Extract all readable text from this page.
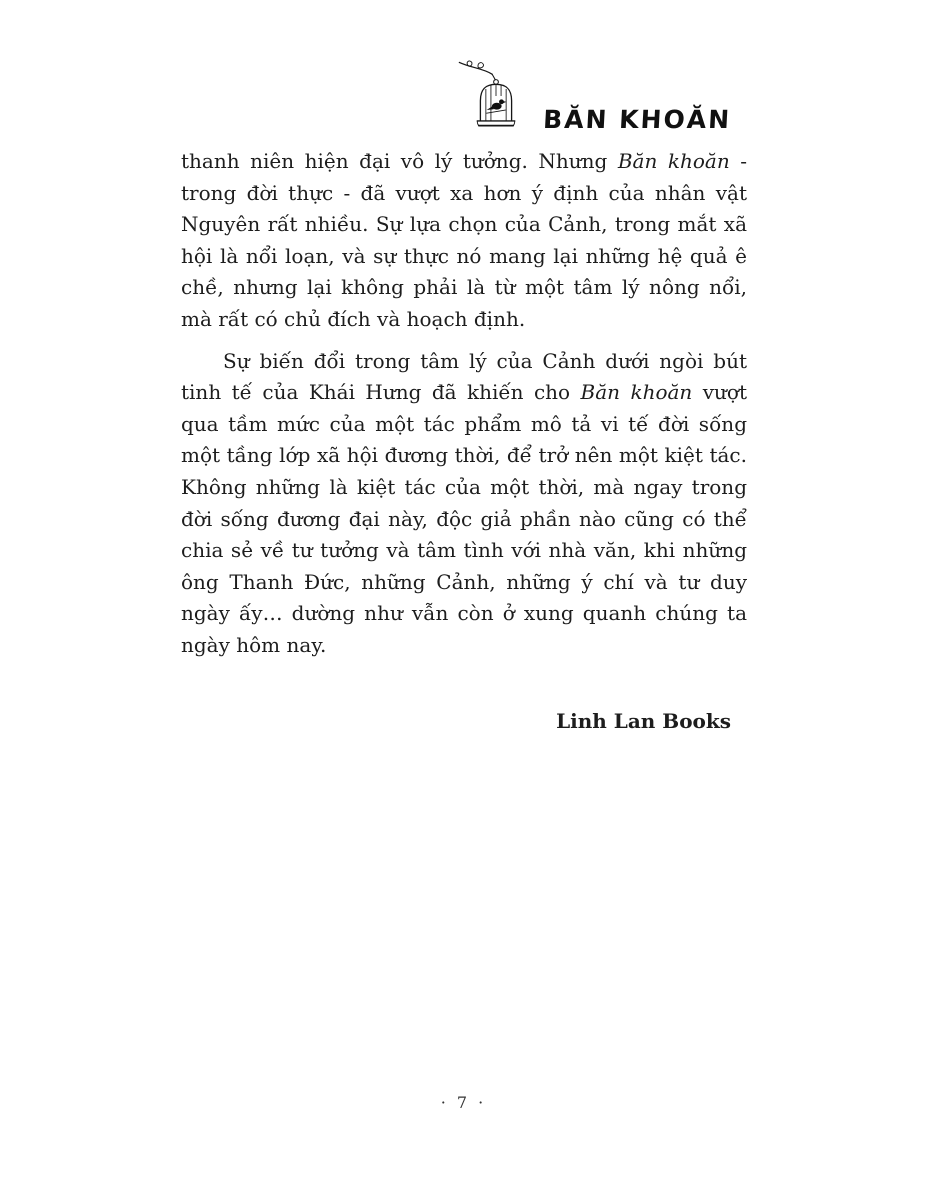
BĂN KHOĂN

thanh niên hiện đại vô lý tưởng. Nhưng Băn khoăn - trong đời thực - đã vượt xa hơn ý định của nhân vật Nguyên rất nhiều. Sự lựa chọn của Cảnh, trong mắt xã hội là nổi loạn, và sự thực nó mang lại những hệ quả ê chề, nhưng lại không phải là từ một tâm lý nông nổi, mà rất có chủ đích và hoạch định.

Sự biến đổi trong tâm lý của Cảnh dưới ngòi bút tinh tế của Khái Hưng đã khiến cho Băn khoăn vượt qua tầm mức của một tác phẩm mô tả vi tế đời sống một tầng lớp xã hội đương thời, để trở nên một kiệt tác. Không những là kiệt tác của một thời, mà ngay trong đời sống đương đại này, độc giả phần nào cũng có thể chia sẻ về tư tưởng và tâm tình với nhà văn, khi những ông Thanh Đức, những Cảnh, những ý chí và tư duy ngày ấy… dường như vẫn còn ở xung quanh chúng ta ngày hôm nay.

Linh Lan Books
· 7 ·
